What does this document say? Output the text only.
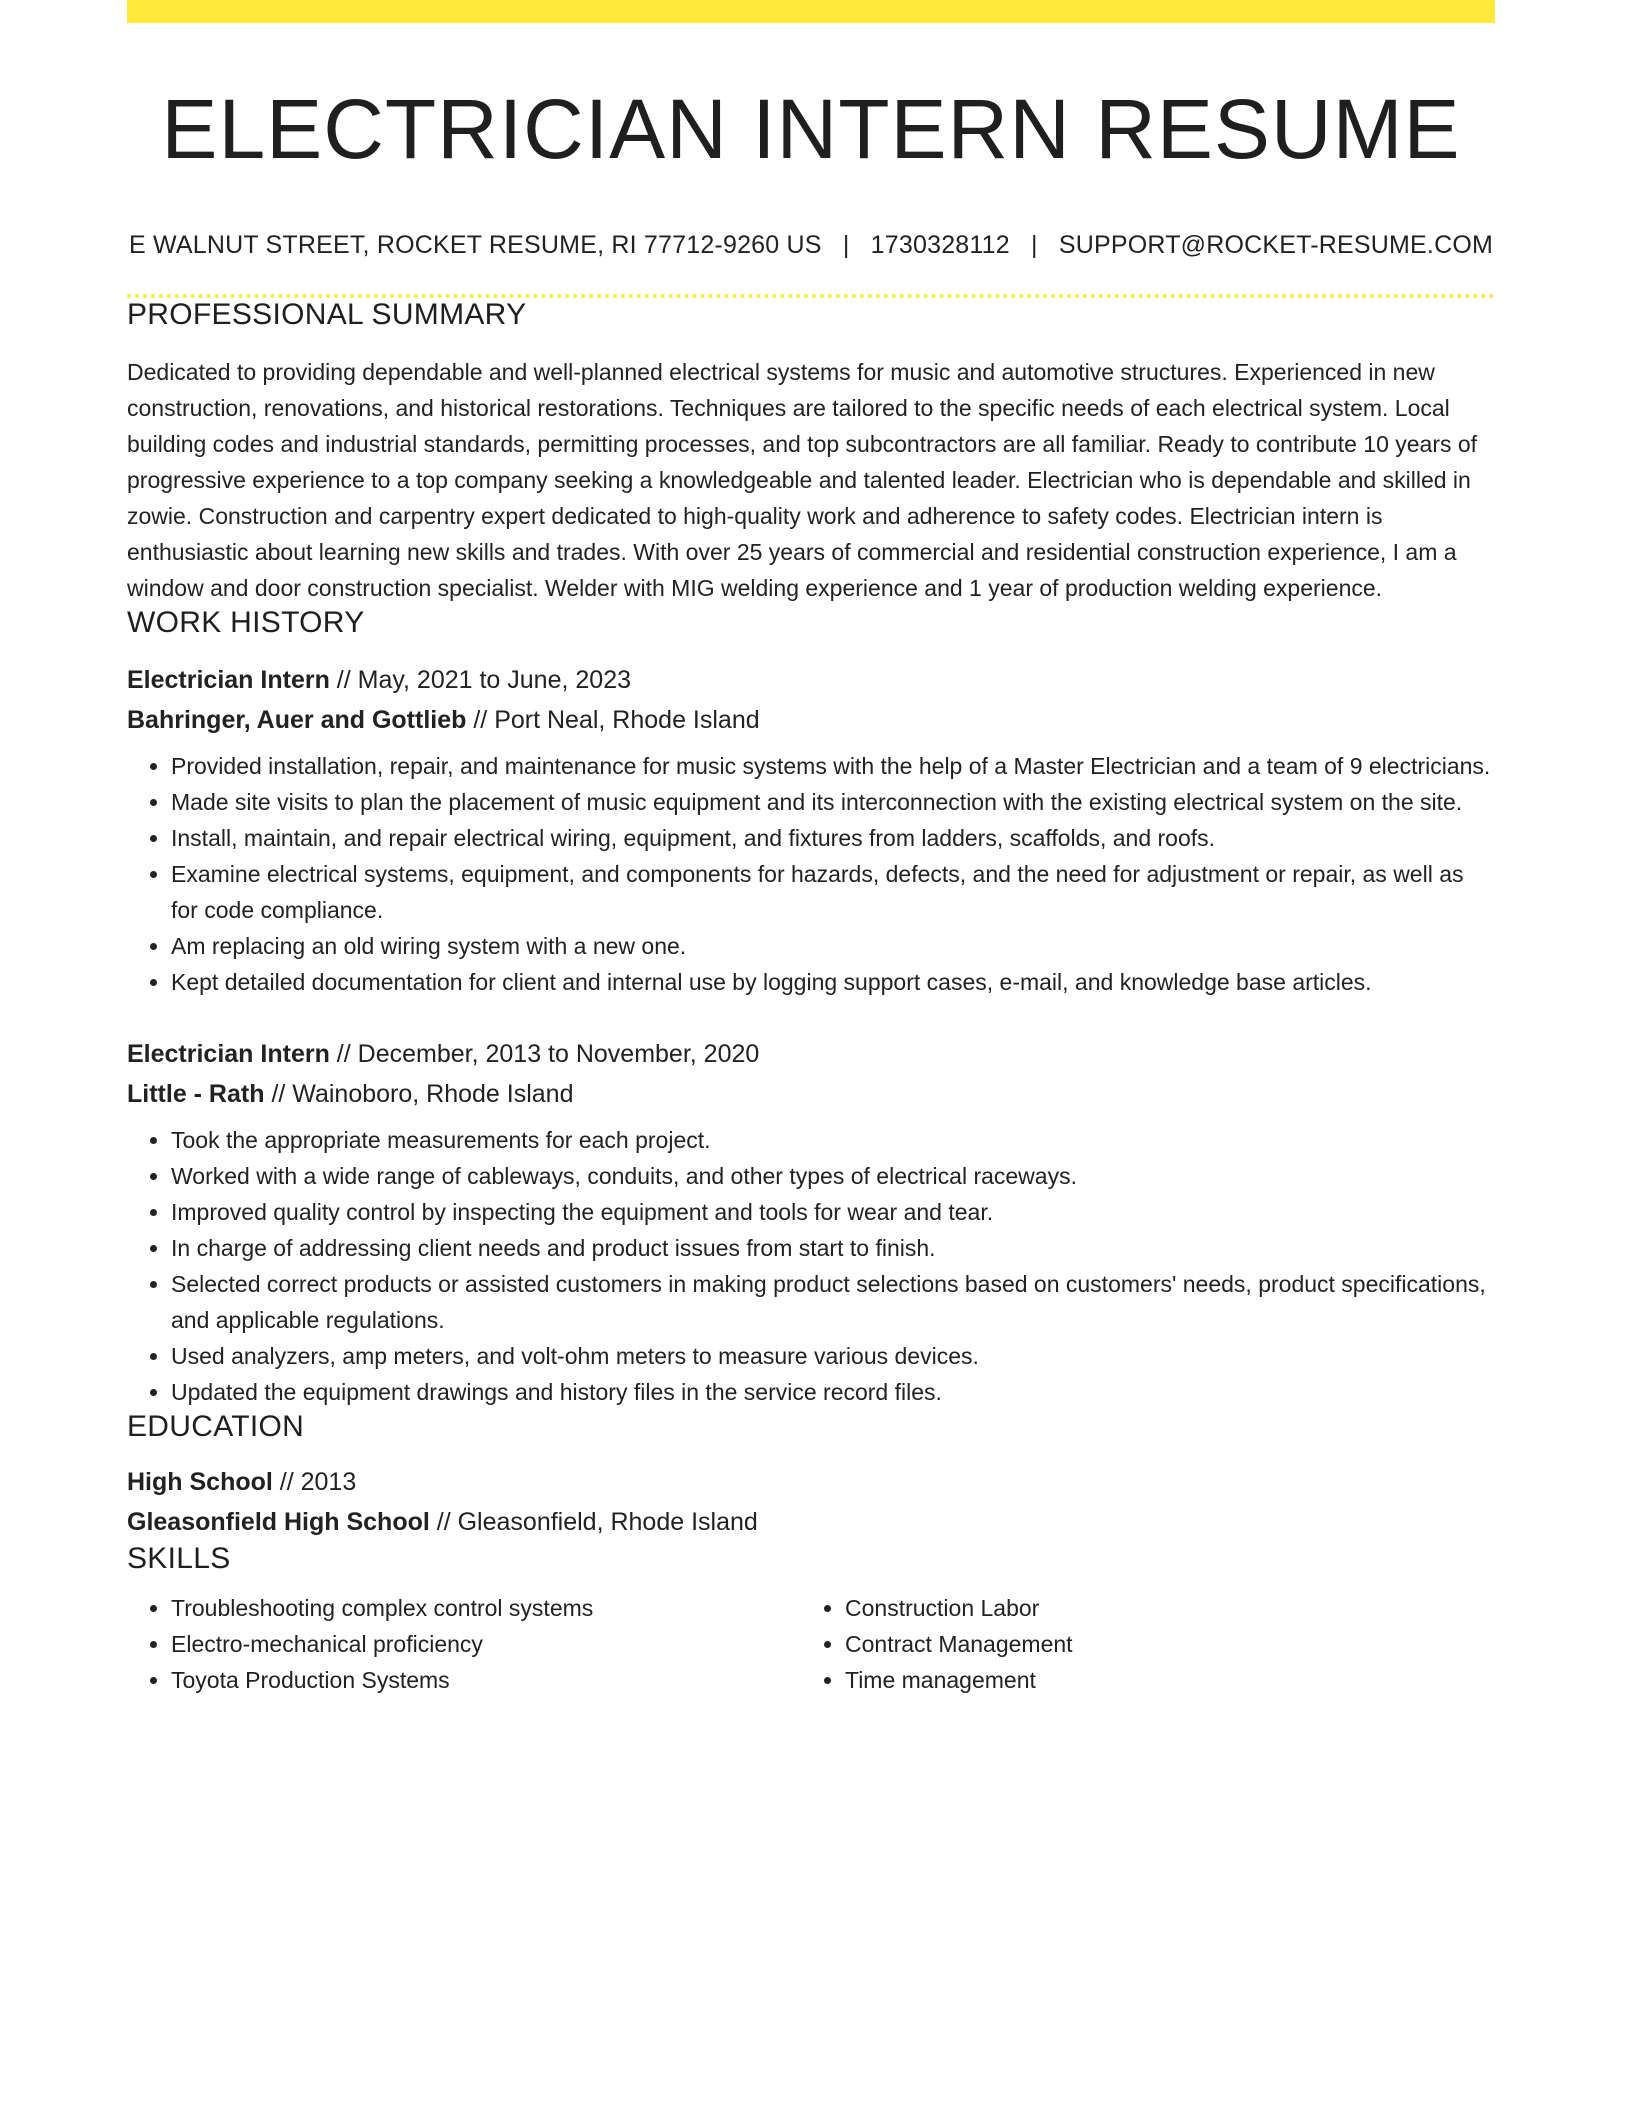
ELECTRICIAN INTERN RESUME
E WALNUT STREET, ROCKET RESUME, RI 77712-9260 US | 1730328112 | SUPPORT@ROCKET-RESUME.COM
PROFESSIONAL SUMMARY
Dedicated to providing dependable and well-planned electrical systems for music and automotive structures. Experienced in new construction, renovations, and historical restorations. Techniques are tailored to the specific needs of each electrical system. Local building codes and industrial standards, permitting processes, and top subcontractors are all familiar. Ready to contribute 10 years of progressive experience to a top company seeking a knowledgeable and talented leader. Electrician who is dependable and skilled in zowie. Construction and carpentry expert dedicated to high-quality work and adherence to safety codes. Electrician intern is enthusiastic about learning new skills and trades. With over 25 years of commercial and residential construction experience, I am a window and door construction specialist. Welder with MIG welding experience and 1 year of production welding experience.
WORK HISTORY
Electrician Intern // May, 2021 to June, 2023
Bahringer, Auer and Gottlieb // Port Neal, Rhode Island
• Provided installation, repair, and maintenance for music systems with the help of a Master Electrician and a team of 9 electricians.
• Made site visits to plan the placement of music equipment and its interconnection with the existing electrical system on the site.
• Install, maintain, and repair electrical wiring, equipment, and fixtures from ladders, scaffolds, and roofs.
• Examine electrical systems, equipment, and components for hazards, defects, and the need for adjustment or repair, as well as for code compliance.
• Am replacing an old wiring system with a new one.
• Kept detailed documentation for client and internal use by logging support cases, e-mail, and knowledge base articles.
Electrician Intern // December, 2013 to November, 2020
Little - Rath // Wainoboro, Rhode Island
• Took the appropriate measurements for each project.
• Worked with a wide range of cableways, conduits, and other types of electrical raceways.
• Improved quality control by inspecting the equipment and tools for wear and tear.
• In charge of addressing client needs and product issues from start to finish.
• Selected correct products or assisted customers in making product selections based on customers' needs, product specifications, and applicable regulations.
• Used analyzers, amp meters, and volt-ohm meters to measure various devices.
• Updated the equipment drawings and history files in the service record files.
EDUCATION
High School // 2013
Gleasonfield High School // Gleasonfield, Rhode Island
SKILLS
• Troubleshooting complex control systems
• Electro-mechanical proficiency
• Toyota Production Systems
• Construction Labor
• Contract Management
• Time management
